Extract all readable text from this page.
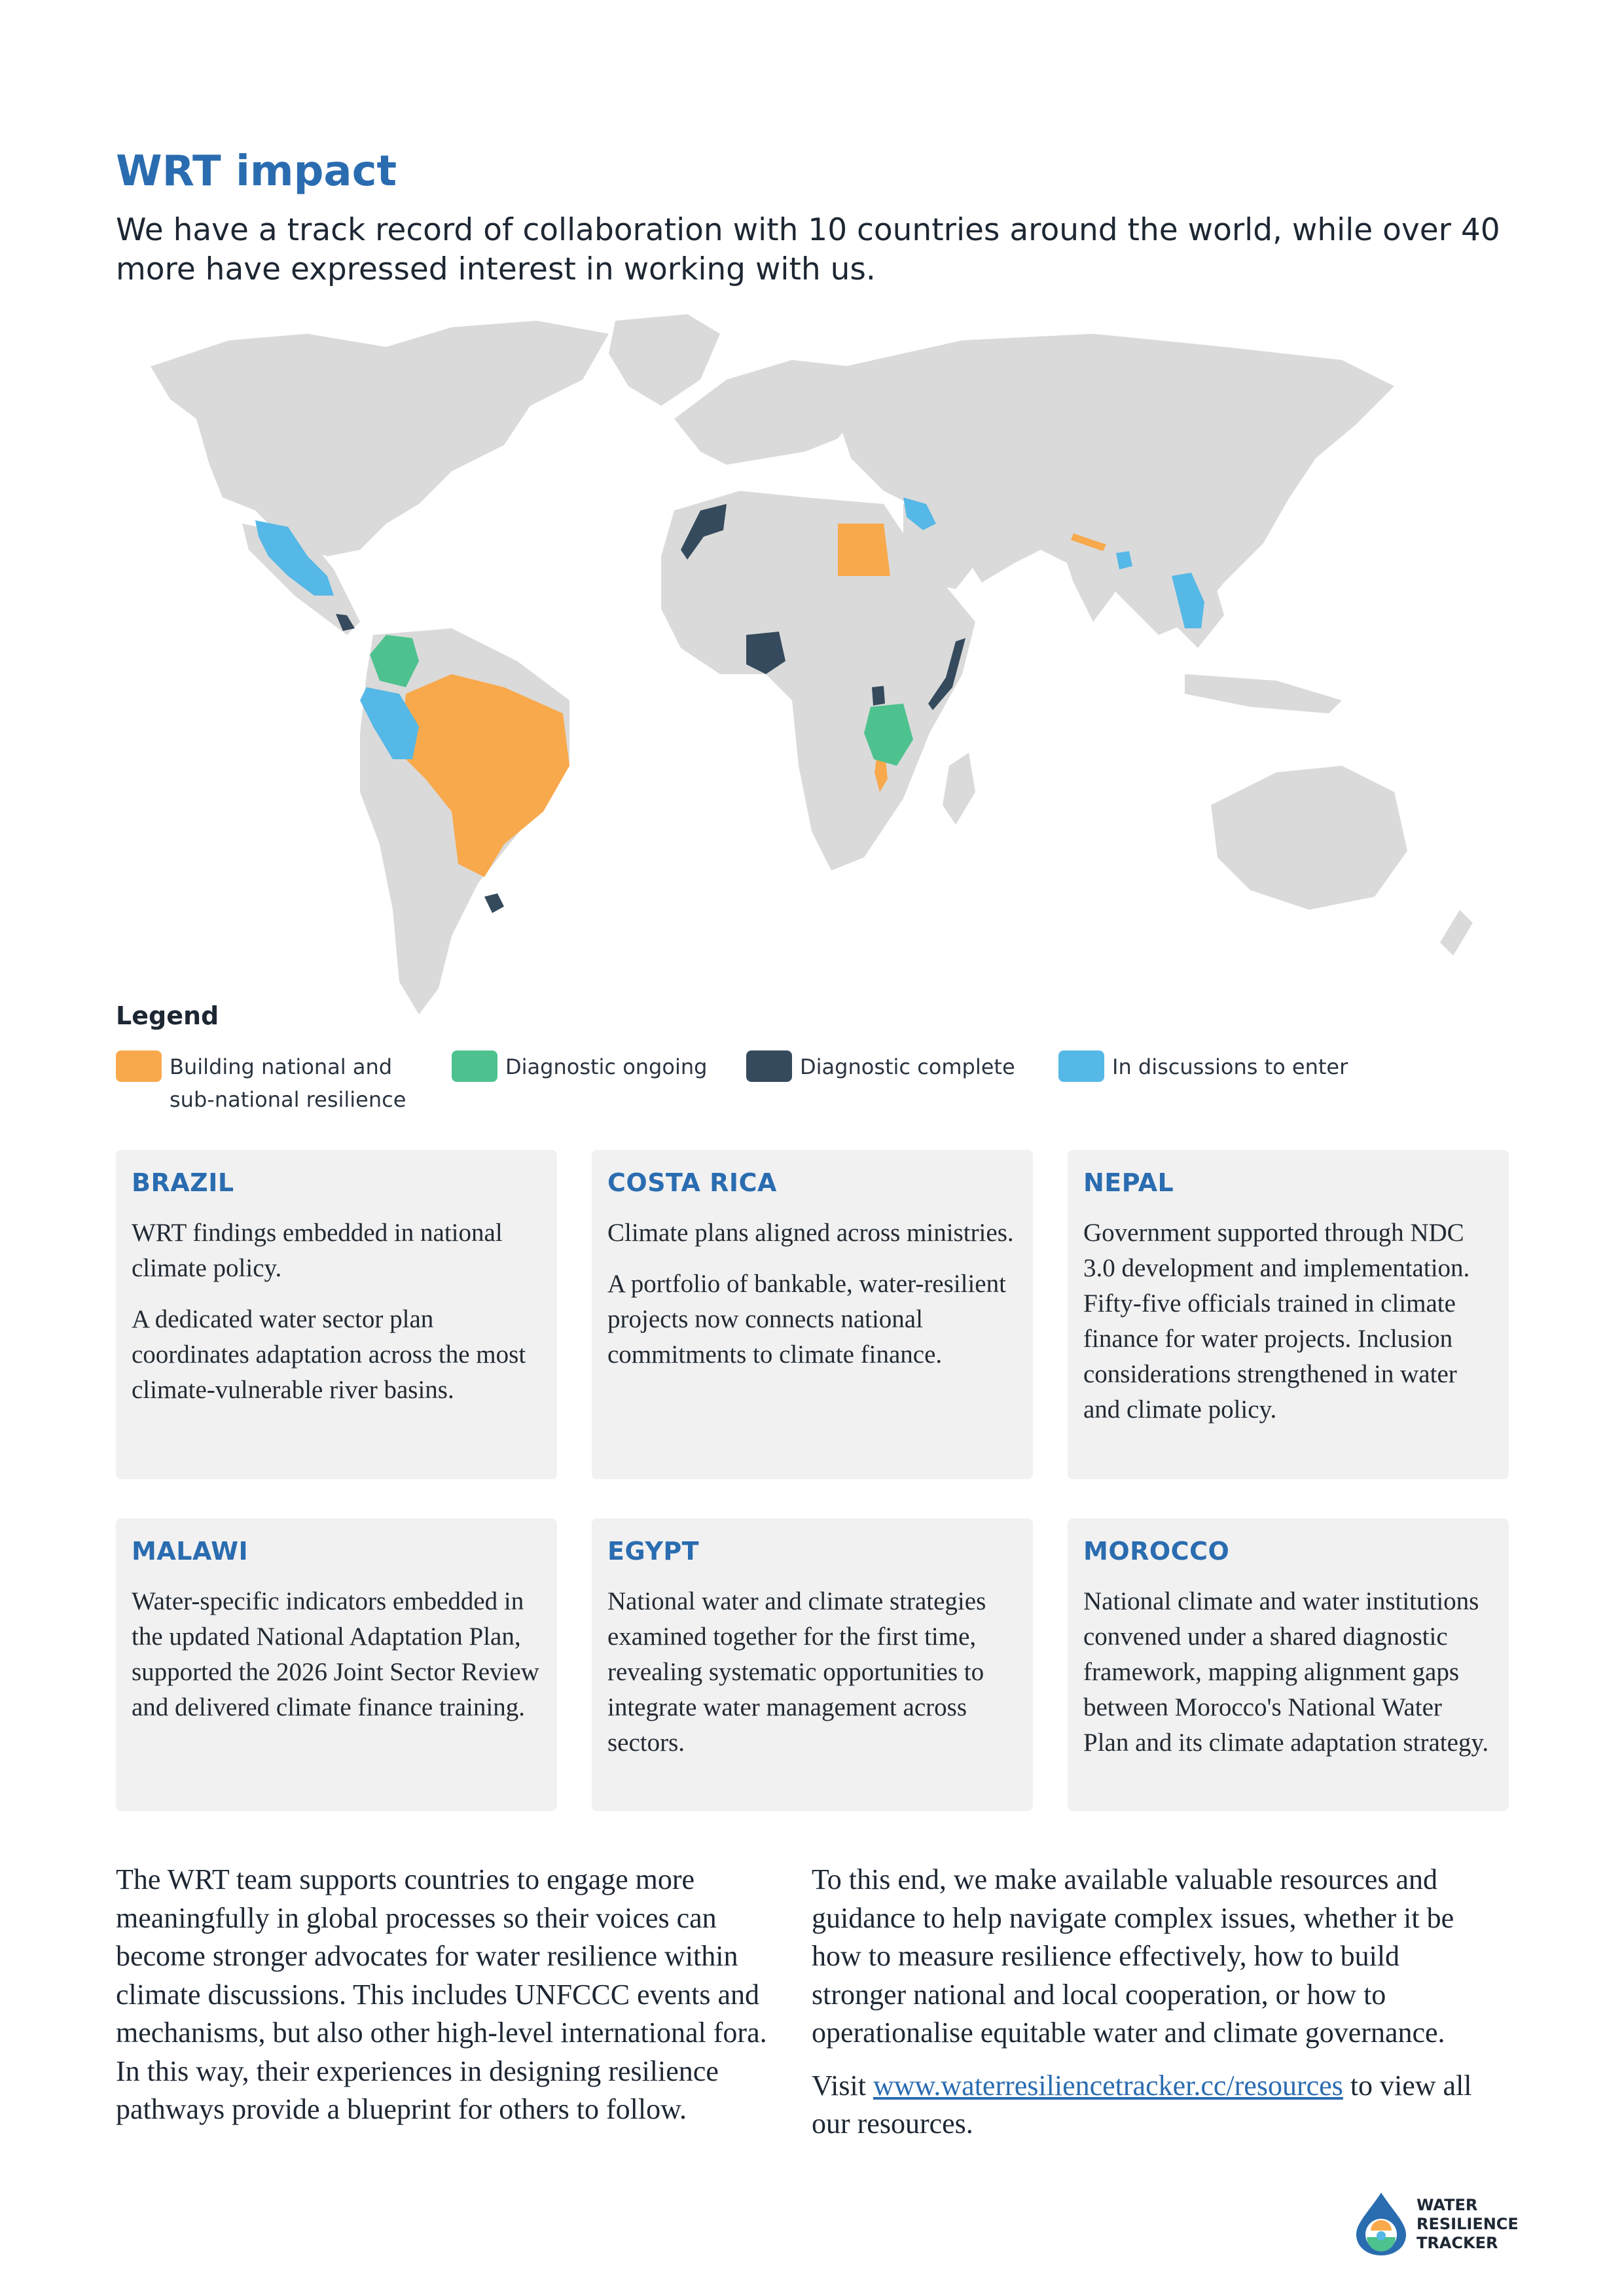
WRT impact

We have a track record of collaboration with 10 countries around the world, while over 40 more have expressed interest in working with us.

Legend
Building national and
sub-national resilience
Diagnostic ongoing	Diagnostic complete	In discussions to enter
BRAZIL

WRT findings embedded in national climate policy.

A dedicated water sector plan coordinates adaptation across the most climate-vulnerable river basins.

COSTA RICA

Climate plans aligned across ministries.

A portfolio of bankable, water-resilient projects now connects national commitments to climate finance.

NEPAL

Government supported through NDC 3.0 development and implementation. Fifty-five officials trained in climate finance for water projects. Inclusion considerations strengthened in water and climate policy.

MALAWI

Water-specific indicators embedded in the updated National Adaptation Plan, supported the 2026 Joint Sector Review and delivered climate finance training.

EGYPT

National water and climate strategies examined together for the first time, revealing systematic opportunities to integrate water management across sectors.

MOROCCO

National climate and water institutions convened under a shared diagnostic framework, mapping alignment gaps between Morocco's National Water Plan and its climate adaptation strategy.

The WRT team supports countries to engage more meaningfully in global processes so their voices can become stronger advocates for water resilience within climate discussions. This includes UNFCCC events and mechanisms, but also other high-level international fora. In this way, their experiences in designing resilience pathways provide a blueprint for others to follow.

To this end, we make available valuable resources and guidance to help navigate complex issues, whether it be how to measure resilience effectively, how to build stronger national and local cooperation, or how to operationalise equitable water and climate governance.

Visit www.waterresiliencetracker.cc/resources to view all our resources.

WATER
RESILIENCE
TRACKER
